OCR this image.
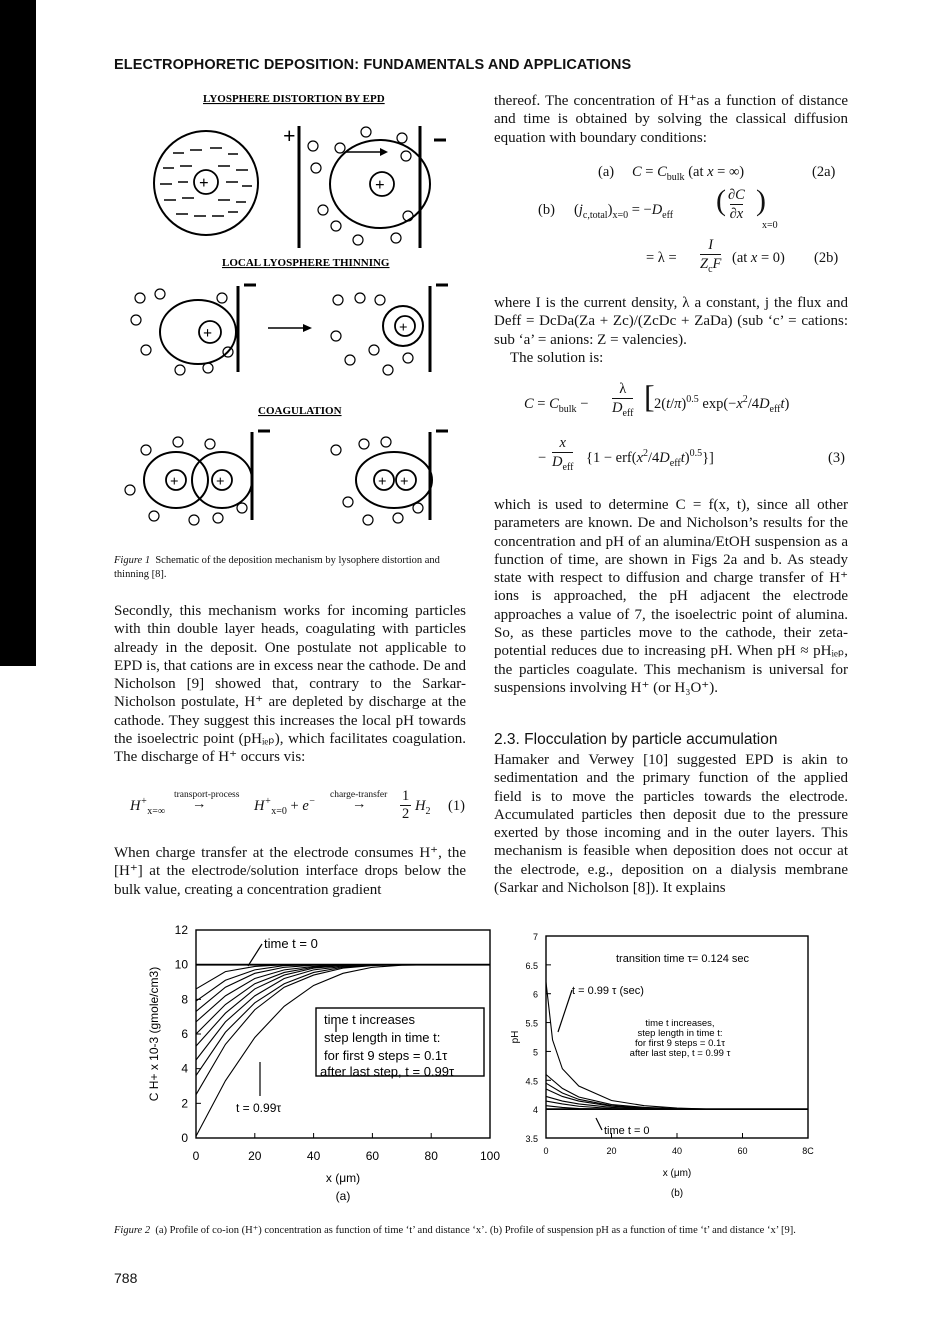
ELECTROPHORETIC DEPOSITION: FUNDAMENTALS AND APPLICATIONS
LYOSPHERE DISTORTION BY EPD
+
+
+
LOCAL LYOSPHERE THINNING
+	+
COAGULATION
+ +	+ +
Figure 1 Schematic of the deposition mechanism by lysophere distortion and thinning [8].
Secondly, this mechanism works for incoming particles with thin double layer heads, coagulating with particles already in the deposit. One postulate not applicable to EPD is, that cations are in excess near the cathode. De and Nicholson [9] showed that, contrary to the Sarkar-Nicholson postulate, H⁺ are depleted by discharge at the cathode. They suggest this increases the local pH towards the isoelectric point (pHᵢₑₚ), which facilitates coagulation. The discharge of H⁺ occurs vis:
$H^+_{x=\infty}$
transport-process
→	$H^+_{x=0} + e^-$
charge-transfer
→ 1
2 $H_2$ (1)
When charge transfer at the electrode consumes H⁺, the [H⁺] at the electrode/solution interface drops below the bulk value, creating a concentration gradient
thereof. The concentration of H⁺as a function of distance and time is obtained by solving the classical diffusion equation with boundary conditions:
(a) $C = C_{bulk}$ (at x = ∞)	(2a)
(b) $(j_{c,total})_{x=0} = -D_{eff}$ ( ∂C
∂x )
x=0
= λ =
I
$Z_cF$ (at x = 0) (2b)
where I is the current density, λ a constant, j the flux and Deff = DcDa(Za + Zc)/(ZcDc + ZaDa) (sub ‘c’ = cations: sub ‘a’ = anions: Z = valencies).
The solution is:
$C = C_{bulk}$ −
λ
$D_{eff}$ [ $2(t/\pi)^{0.5}$ $\exp(-x^2/4D_{eff}t)$
−
x
$D_{eff}$
$\{1 - erf(x^2/4D_{eff}t)^{0.5}\}$]	(3)
which is used to determine C = f(x, t), since all other parameters are known. De and Nicholson’s results for the concentration and pH of an alumina/EtOH suspension as a function of time, are shown in Figs 2a and b. As steady state with respect to diffusion and charge transfer of H⁺ ions is approached, the pH adjacent the electrode approaches a value of 7, the isoelectric point of alumina. So, as these particles move to the cathode, their zeta-potential reduces due to increasing pH. When pH ≈ pHᵢₑₚ, the particles coagulate. This mechanism is universal for suspensions involving H⁺ (or H₃O⁺).
2.3. Flocculation by particle accumulation
Hamaker and Verwey [10] suggested EPD is akin to sedimentation and the primary function of the applied field is to move the particles towards the electrode. Accumulated particles then deposit due to the pressure exerted by those incoming and in the outer layers. This mechanism is feasible when deposition does not occur at the electrode, e.g., deposition on a dialysis membrane (Sarkar and Nicholson [8]). It explains
0	20	40	60	80	100
0
2
4
6
8
10
12
x (μm)
C H+ x 10-3 (gmole/cm3)
(a)
time t = 0
t = 0.99τ
time t increases
step length in time t:
for first 9 steps = 0.1τ
after last step, t = 0.99τ
0	20	40	60	8C
3.5
4
4.5
5
5.5
6
6.5
7
x (μm)
pH
(b)
transition time τ= 0.124 sec
t = 0.99 τ (sec)
time t increases,
step length in time t:
for first 9 steps = 0.1τ
after last step, t = 0.99 τ
time t = 0
Figure 2 (a) Profile of co-ion (H⁺) concentration as function of time ‘t’ and distance ‘x’. (b) Profile of suspension pH as a function of time ‘t’ and distance ‘x’ [9].
788
